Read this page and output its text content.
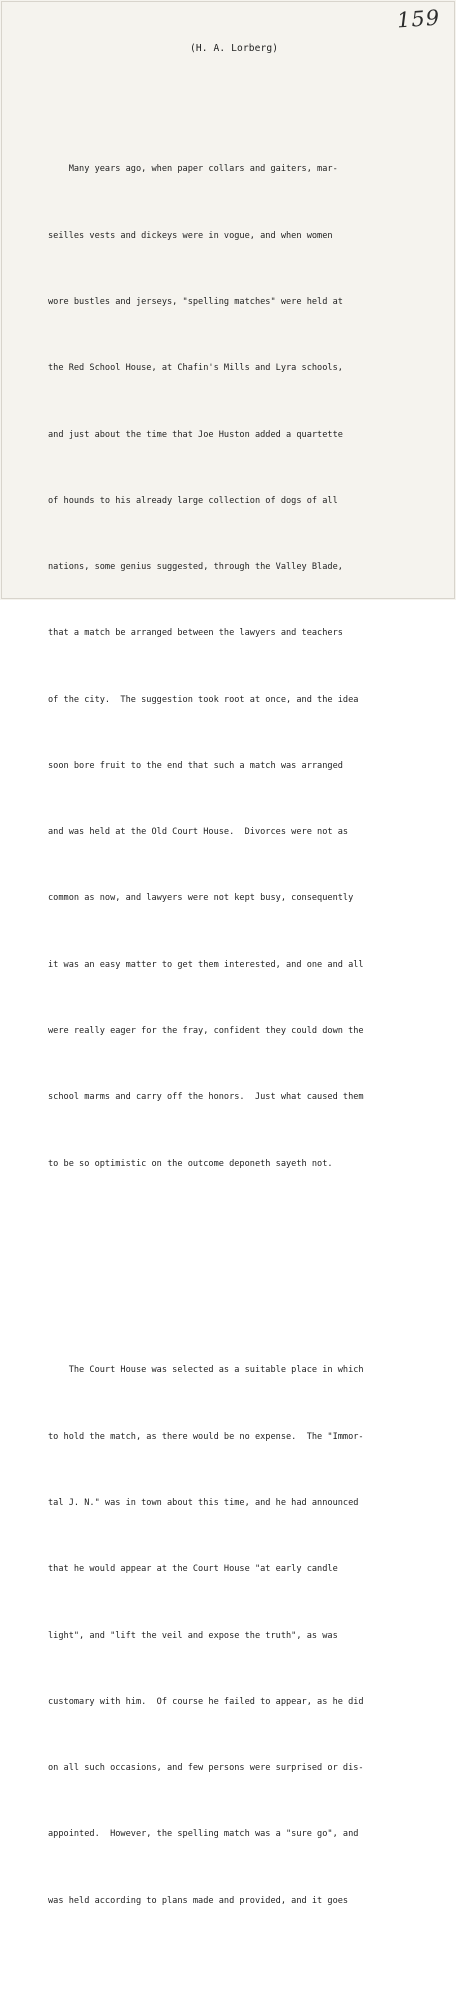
159
(H. A. Lorberg)

Many years ago, when paper collars and gaiters, mar-

seilles vests and dickeys were in vogue, and when women

wore bustles and jerseys, "spelling matches" were held at

the Red School House, at Chafin's Mills and Lyra schools,

and just about the time that Joe Huston added a quartette

of hounds to his already large collection of dogs of all

nations, some genius suggested, through the Valley Blade,

that a match be arranged between the lawyers and teachers

of the city.  The suggestion took root at once, and the idea

soon bore fruit to the end that such a match was arranged

and was held at the Old Court House.  Divorces were not as

common as now, and lawyers were not kept busy, consequently

it was an easy matter to get them interested, and one and all

were really eager for the fray, confident they could down the

school marms and carry off the honors.  Just what caused them

to be so optimistic on the outcome deponeth sayeth not.

The Court House was selected as a suitable place in which

to hold the match, as there would be no expense.  The "Immor-

tal J. N." was in town about this time, and he had announced

that he would appear at the Court House "at early candle

light", and "lift the veil and expose the truth", as was

customary with him.  Of course he failed to appear, as he did

on all such occasions, and few persons were surprised or dis-

appointed.  However, the spelling match was a "sure go", and

was held according to plans made and provided, and it goes
